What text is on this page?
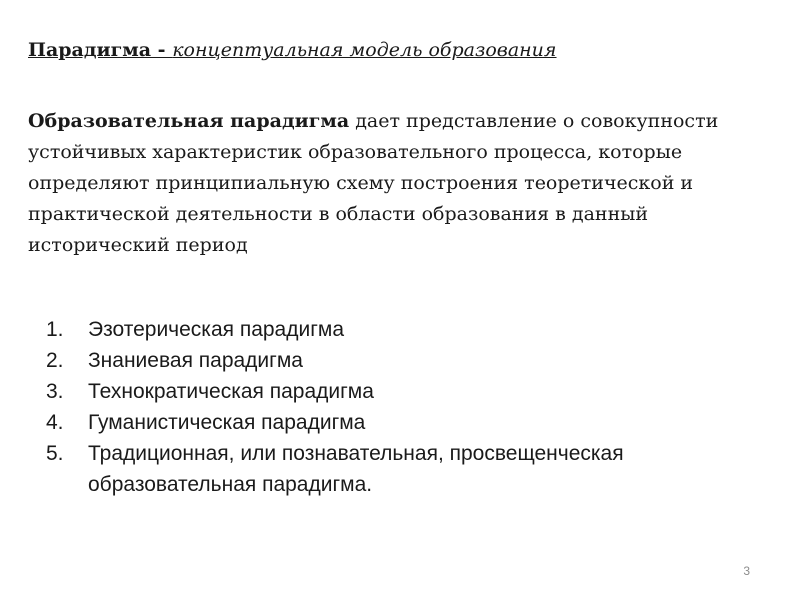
Парадигма - концептуальная модель образования

Образовательная парадигма дает представление о совокупности устойчивых характеристик образовательного процесса, которые определяют принципиальную схему построения теоретической и практической деятельности в области образования в данный исторический период

1. Эзотерическая парадигма
2. Знаниевая парадигма
3. Технократическая парадигма
4. Гуманистическая парадигма
5. Традиционная, или познавательная, просвещенческая образовательная парадигма.
3
